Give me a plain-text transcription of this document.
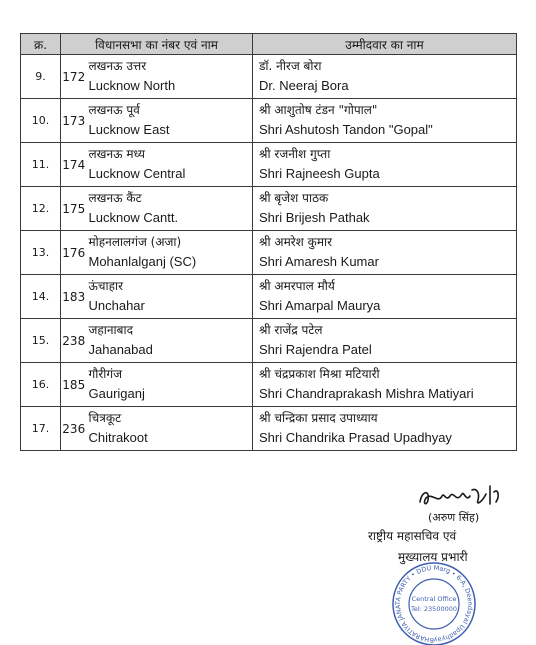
क्र.	विधानसभा का नंबर एवं नाम		उम्मीदवार का नाम
9.	172	लखनऊ उत्तर
Lucknow North	डॉ. नीरज बोरा
Dr. Neeraj Bora

10.	173	लखनऊ पूर्व
Lucknow East	श्री आशुतोष टंडन "गोपाल"
Shri Ashutosh Tandon "Gopal"

11.	174	लखनऊ मध्य
Lucknow Central	श्री रजनीश गुप्ता
Shri Rajneesh Gupta

12.	175	लखनऊ कैंट
Lucknow Cantt.	श्री बृजेश पाठक
Shri Brijesh Pathak

13.	176	मोहनलालगंज (अजा)
Mohanlalganj (SC)	श्री अमरेश कुमार
Shri Amaresh Kumar

14.	183	ऊंचाहार
Unchahar	श्री अमरपाल मौर्य
Shri Amarpal Maurya

15.	238	जहानाबाद
Jahanabad	श्री राजेंद्र पटेल
Shri Rajendra Patel

16.	185	गौरीगंज
Gauriganj	श्री चंद्रप्रकाश मिश्रा मटियारी
Shri Chandraprakash Mishra Matiyari

17.	236	चित्रकूट
Chitrakoot	श्री चन्द्रिका प्रसाद उपाध्याय
Shri Chandrika Prasad Upadhyay
(अरुण सिंह)
राष्ट्रीय महासचिव एवं
मुख्यालय प्रभारी
BHARATIYA JANATA PARTY • DDU Marg • 6-A, Deendayal Upadhyay
Central Office
Tel: 23500000
